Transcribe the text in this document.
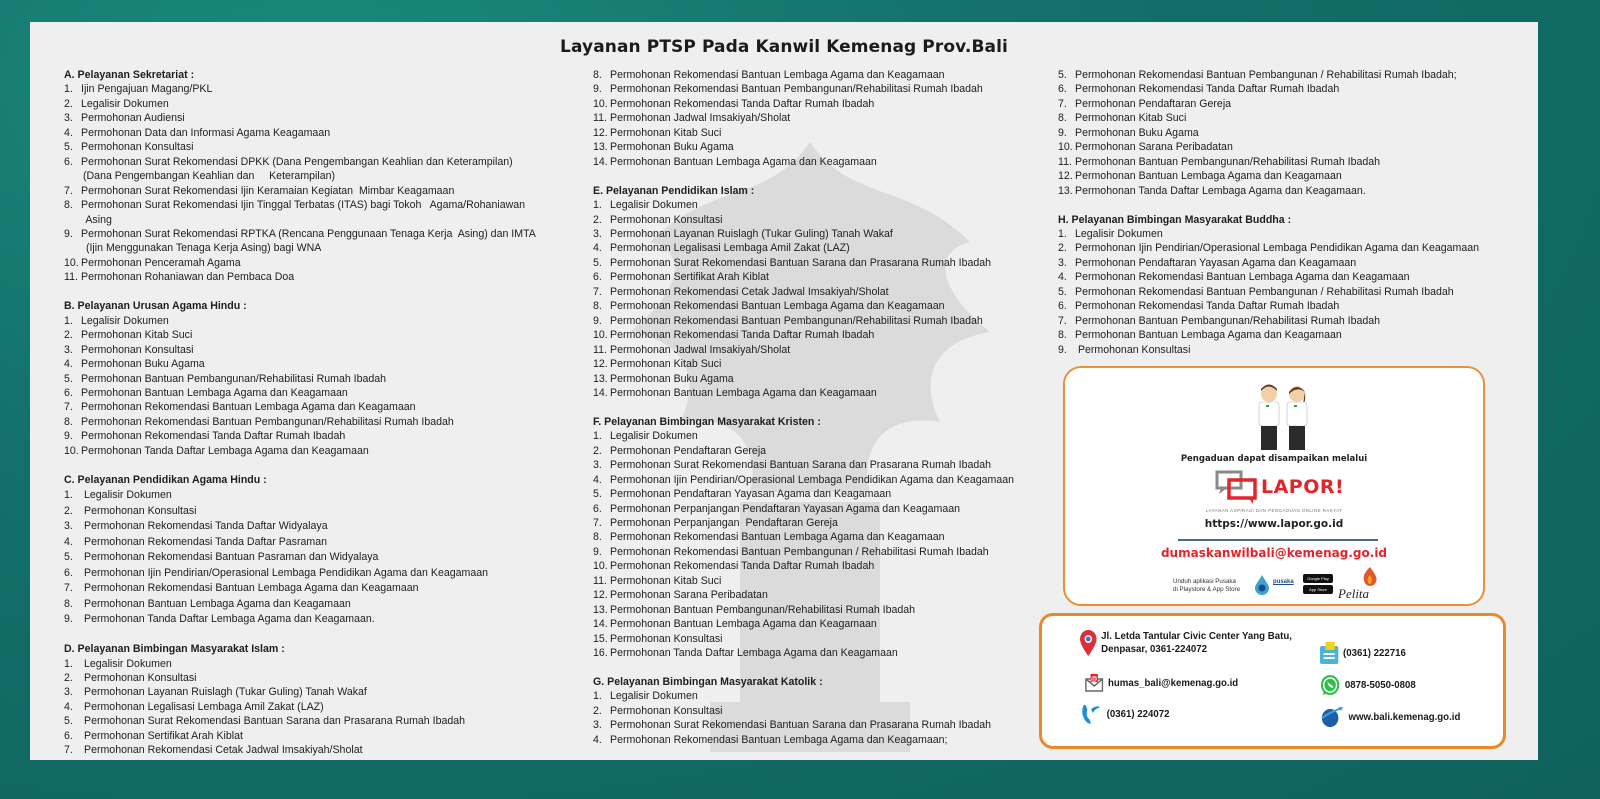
Layanan PTSP Pada Kanwil Kemenag Prov.Bali
A. Pelayanan Sekretariat :
1. Ijin Pengajuan Magang/PKL
2. Legalisir Dokumen
3. Permohonan Audiensi
4. Permohonan Data dan Informasi Agama Keagamaan
5. Permohonan Konsultasi
6. Permohonan Surat Rekomendasi DPKK (Dana Pengembangan Keahlian dan Keterampilan)
(Dana Pengembangan Keahlian dan     Keterampilan)
7. Permohonan Surat Rekomendasi Ijin Keramaian Kegiatan  Mimbar Keagamaan
8. Permohonan Surat Rekomendasi Ijin Tinggal Terbatas (ITAS) bagi Tokoh   Agama/Rohaniawan
Asing
9. Permohonan Surat Rekomendasi RPTKA (Rencana Penggunaan Tenaga Kerja  Asing) dan IMTA
(Ijin Menggunakan Tenaga Kerja Asing) bagi WNA
10. Permohonan Penceramah Agama
11. Permohonan Rohaniawan dan Pembaca Doa
B. Pelayanan Urusan Agama Hindu :
1. Legalisir Dokumen
2. Permohonan Kitab Suci
3. Permohonan Konsultasi
4. Permohonan Buku Agama
5. Permohonan Bantuan Pembangunan/Rehabilitasi Rumah Ibadah
6. Permohonan Bantuan Lembaga Agama dan Keagamaan
7. Permohonan Rekomendasi Bantuan Lembaga Agama dan Keagamaan
8. Permohonan Rekomendasi Bantuan Pembangunan/Rehabilitasi Rumah Ibadah
9. Permohonan Rekomendasi Tanda Daftar Rumah Ibadah
10. Permohonan Tanda Daftar Lembaga Agama dan Keagamaan
C. Pelayanan Pendidikan Agama Hindu :
1.	Legalisir Dokumen
2.	Permohonan Konsultasi
3.	Permohonan Rekomendasi Tanda Daftar Widyalaya
4.	Permohonan Rekomendasi Tanda Daftar Pasraman
5.	Permohonan Rekomendasi Bantuan Pasraman dan Widyalaya
6.	Permohonan Ijin Pendirian/Operasional Lembaga Pendidikan Agama dan Keagamaan
7.	Permohonan Rekomendasi Bantuan Lembaga Agama dan Keagamaan
8.	Permohonan Bantuan Lembaga Agama dan Keagamaan
9.	Permohonan Tanda Daftar Lembaga Agama dan Keagamaan.
D. Pelayanan Bimbingan Masyarakat Islam :
1.	Legalisir Dokumen
2.	Permohonan Konsultasi
3.	Permohonan Layanan Ruislagh (Tukar Guling) Tanah Wakaf
4.	Permohonan Legalisasi Lembaga Amil Zakat (LAZ)
5.	Permohonan Surat Rekomendasi Bantuan Sarana dan Prasarana Rumah Ibadah
6.	Permohonan Sertifikat Arah Kiblat
7.	Permohonan Rekomendasi Cetak Jadwal Imsakiyah/Sholat
8. Permohonan Rekomendasi Bantuan Lembaga Agama dan Keagamaan
9. Permohonan Rekomendasi Bantuan Pembangunan/Rehabilitasi Rumah Ibadah
10. Permohonan Rekomendasi Tanda Daftar Rumah Ibadah
11. Permohonan Jadwal Imsakiyah/Sholat
12. Permohonan Kitab Suci
13. Permohonan Buku Agama
14. Permohonan Bantuan Lembaga Agama dan Keagamaan
E. Pelayanan Pendidikan Islam :
1. Legalisir Dokumen
2. Permohonan Konsultasi
3. Permohonan Layanan Ruislagh (Tukar Guling) Tanah Wakaf
4. Permohonan Legalisasi Lembaga Amil Zakat (LAZ)
5. Permohonan Surat Rekomendasi Bantuan Sarana dan Prasarana Rumah Ibadah
6. Permohonan Sertifikat Arah Kiblat
7. Permohonan Rekomendasi Cetak Jadwal Imsakiyah/Sholat
8. Permohonan Rekomendasi Bantuan Lembaga Agama dan Keagamaan
9. Permohonan Rekomendasi Bantuan Pembangunan/Rehabilitasi Rumah Ibadah
10. Permohonan Rekomendasi Tanda Daftar Rumah Ibadah
11. Permohonan Jadwal Imsakiyah/Sholat
12. Permohonan Kitab Suci
13. Permohonan Buku Agama
14. Permohonan Bantuan Lembaga Agama dan Keagamaan
F. Pelayanan Bimbingan Masyarakat Kristen :
1. Legalisir Dokumen
2. Permohonan Pendaftaran Gereja
3. Permohonan Surat Rekomendasi Bantuan Sarana dan Prasarana Rumah Ibadah
4. Permohonan Ijin Pendirian/Operasional Lembaga Pendidikan Agama dan Keagamaan
5. Permohonan Pendaftaran Yayasan Agama dan Keagamaan
6. Permohonan Perpanjangan Pendaftaran Yayasan Agama dan Keagamaan
7. Permohonan Perpanjangan  Pendaftaran Gereja
8. Permohonan Rekomendasi Bantuan Lembaga Agama dan Keagamaan
9. Permohonan Rekomendasi Bantuan Pembangunan / Rehabilitasi Rumah Ibadah
10. Permohonan Rekomendasi Tanda Daftar Rumah Ibadah
11. Permohonan Kitab Suci
12. Permohonan Sarana Peribadatan
13. Permohonan Bantuan Pembangunan/Rehabilitasi Rumah Ibadah
14. Permohonan Bantuan Lembaga Agama dan Keagamaan
15. Permohonan Konsultasi
16. Permohonan Tanda Daftar Lembaga Agama dan Keagamaan
G. Pelayanan Bimbingan Masyarakat Katolik :
1. Legalisir Dokumen
2. Permohonan Konsultasi
3. Permohonan Surat Rekomendasi Bantuan Sarana dan Prasarana Rumah Ibadah
4. Permohonan Rekomendasi Bantuan Lembaga Agama dan Keagamaan;
5. Permohonan Rekomendasi Bantuan Pembangunan / Rehabilitasi Rumah Ibadah;
6. Permohonan Rekomendasi Tanda Daftar Rumah Ibadah
7. Permohonan Pendaftaran Gereja
8. Permohonan Kitab Suci
9. Permohonan Buku Agama
10. Permohonan Sarana Peribadatan
11. Permohonan Bantuan Pembangunan/Rehabilitasi Rumah Ibadah
12. Permohonan Bantuan Lembaga Agama dan Keagamaan
13. Permohonan Tanda Daftar Lembaga Agama dan Keagamaan.
H. Pelayanan Bimbingan Masyarakat Buddha :
1. Legalisir Dokumen
2. Permohonan Ijin Pendirian/Operasional Lembaga Pendidikan Agama dan Keagamaan
3. Permohonan Pendaftaran Yayasan Agama dan Keagamaan
4. Permohonan Rekomendasi Bantuan Lembaga Agama dan Keagamaan
5. Permohonan Rekomendasi Bantuan Pembangunan / Rehabilitasi Rumah Ibadah
6. Permohonan Rekomendasi Tanda Daftar Rumah Ibadah
7. Permohonan Bantuan Pembangunan/Rehabilitasi Rumah Ibadah
8. Permohonan Bantuan Lembaga Agama dan Keagamaan
9. Permohonan Konsultasi
Pengaduan dapat disampaikan melalui
LAPOR!
LAYANAN ASPIRASI DAN PENGADUAN ONLINE RAKYAT
https://www.lapor.go.id
dumaskanwilbali@kemenag.go.id
Unduh aplikasi Pusaka
di Playstore & App Store
pusaka
Google Play
App Store Pelita
Jl. Letda Tantular Civic Center Yang Batu,
Denpasar, 0361-224072	(0361) 222716
@ humas_bali@kemenag.go.id	0878-5050-0808
(0361) 224072	www.bali.kemenag.go.id
